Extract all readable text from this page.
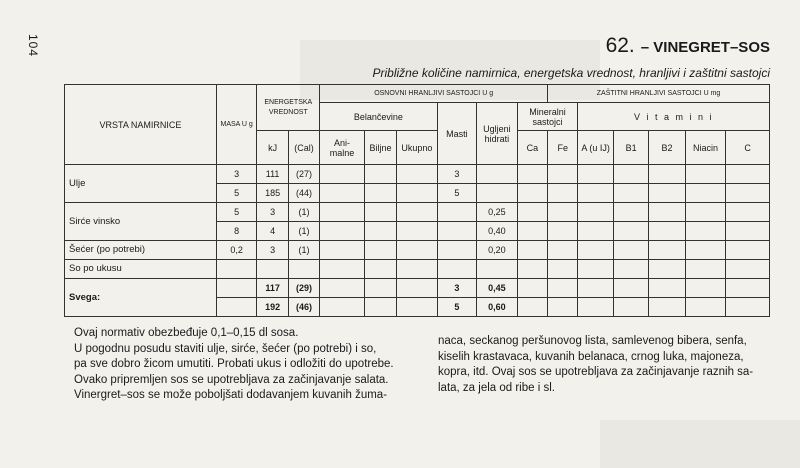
104	62. – VINEGRET–SOS
Približne količine namirnica, energetska vrednost, hranljivi i zaštitni sastojci
VRSTA NAMIRNICE	MASA U g	ENERGETSKA VREDNOST		OSNOVNI HRANLJIVI SASTOJCI U g						ZAŠTITNI HRANLJIVI SASTOJCI U mg					
				Belančevine			Masti	Ugljeni hidrati	Mineralni sastojci		V i t a m i n i				
		kJ	(Cal)	Ani-malne	Biljne	Ukupno			Ca	Fe	A (u IJ)	B1	B2	Niacin	C
Ulje	3	111	(27)				3								
	5	185	(44)				5								
Sirće vinsko	5	3	(1)					0,25							
	8	4	(1)					0,40							
Šećer (po potrebi)	0,2	3	(1)					0,20							
So po ukusu															
Svega:		117	(29)				3	0,45							
		192	(46)				5	0,60							

Ovaj normativ obezbeđuje 0,1–0,15 dl sosa.

U pogodnu posudu staviti ulje, sirće, šećer (po potrebi) i so,

pa sve dobro žicom umutiti. Probati ukus i odložiti do upotrebe.

Ovako pripremljen sos se upotrebljava za začinjavanje salata.

Vinergret–sos se može poboljšati dodavanjem kuvanih žuma-

naca, seckanog peršunovog lista, samlevenog bibera, senfa,

kiselih krastavaca, kuvanih belanaca, crnog luka, majoneza,

kopra, itd. Ovaj sos se upotrebljava za začinjavanje raznih sa-

lata, za jela od ribe i sl.
